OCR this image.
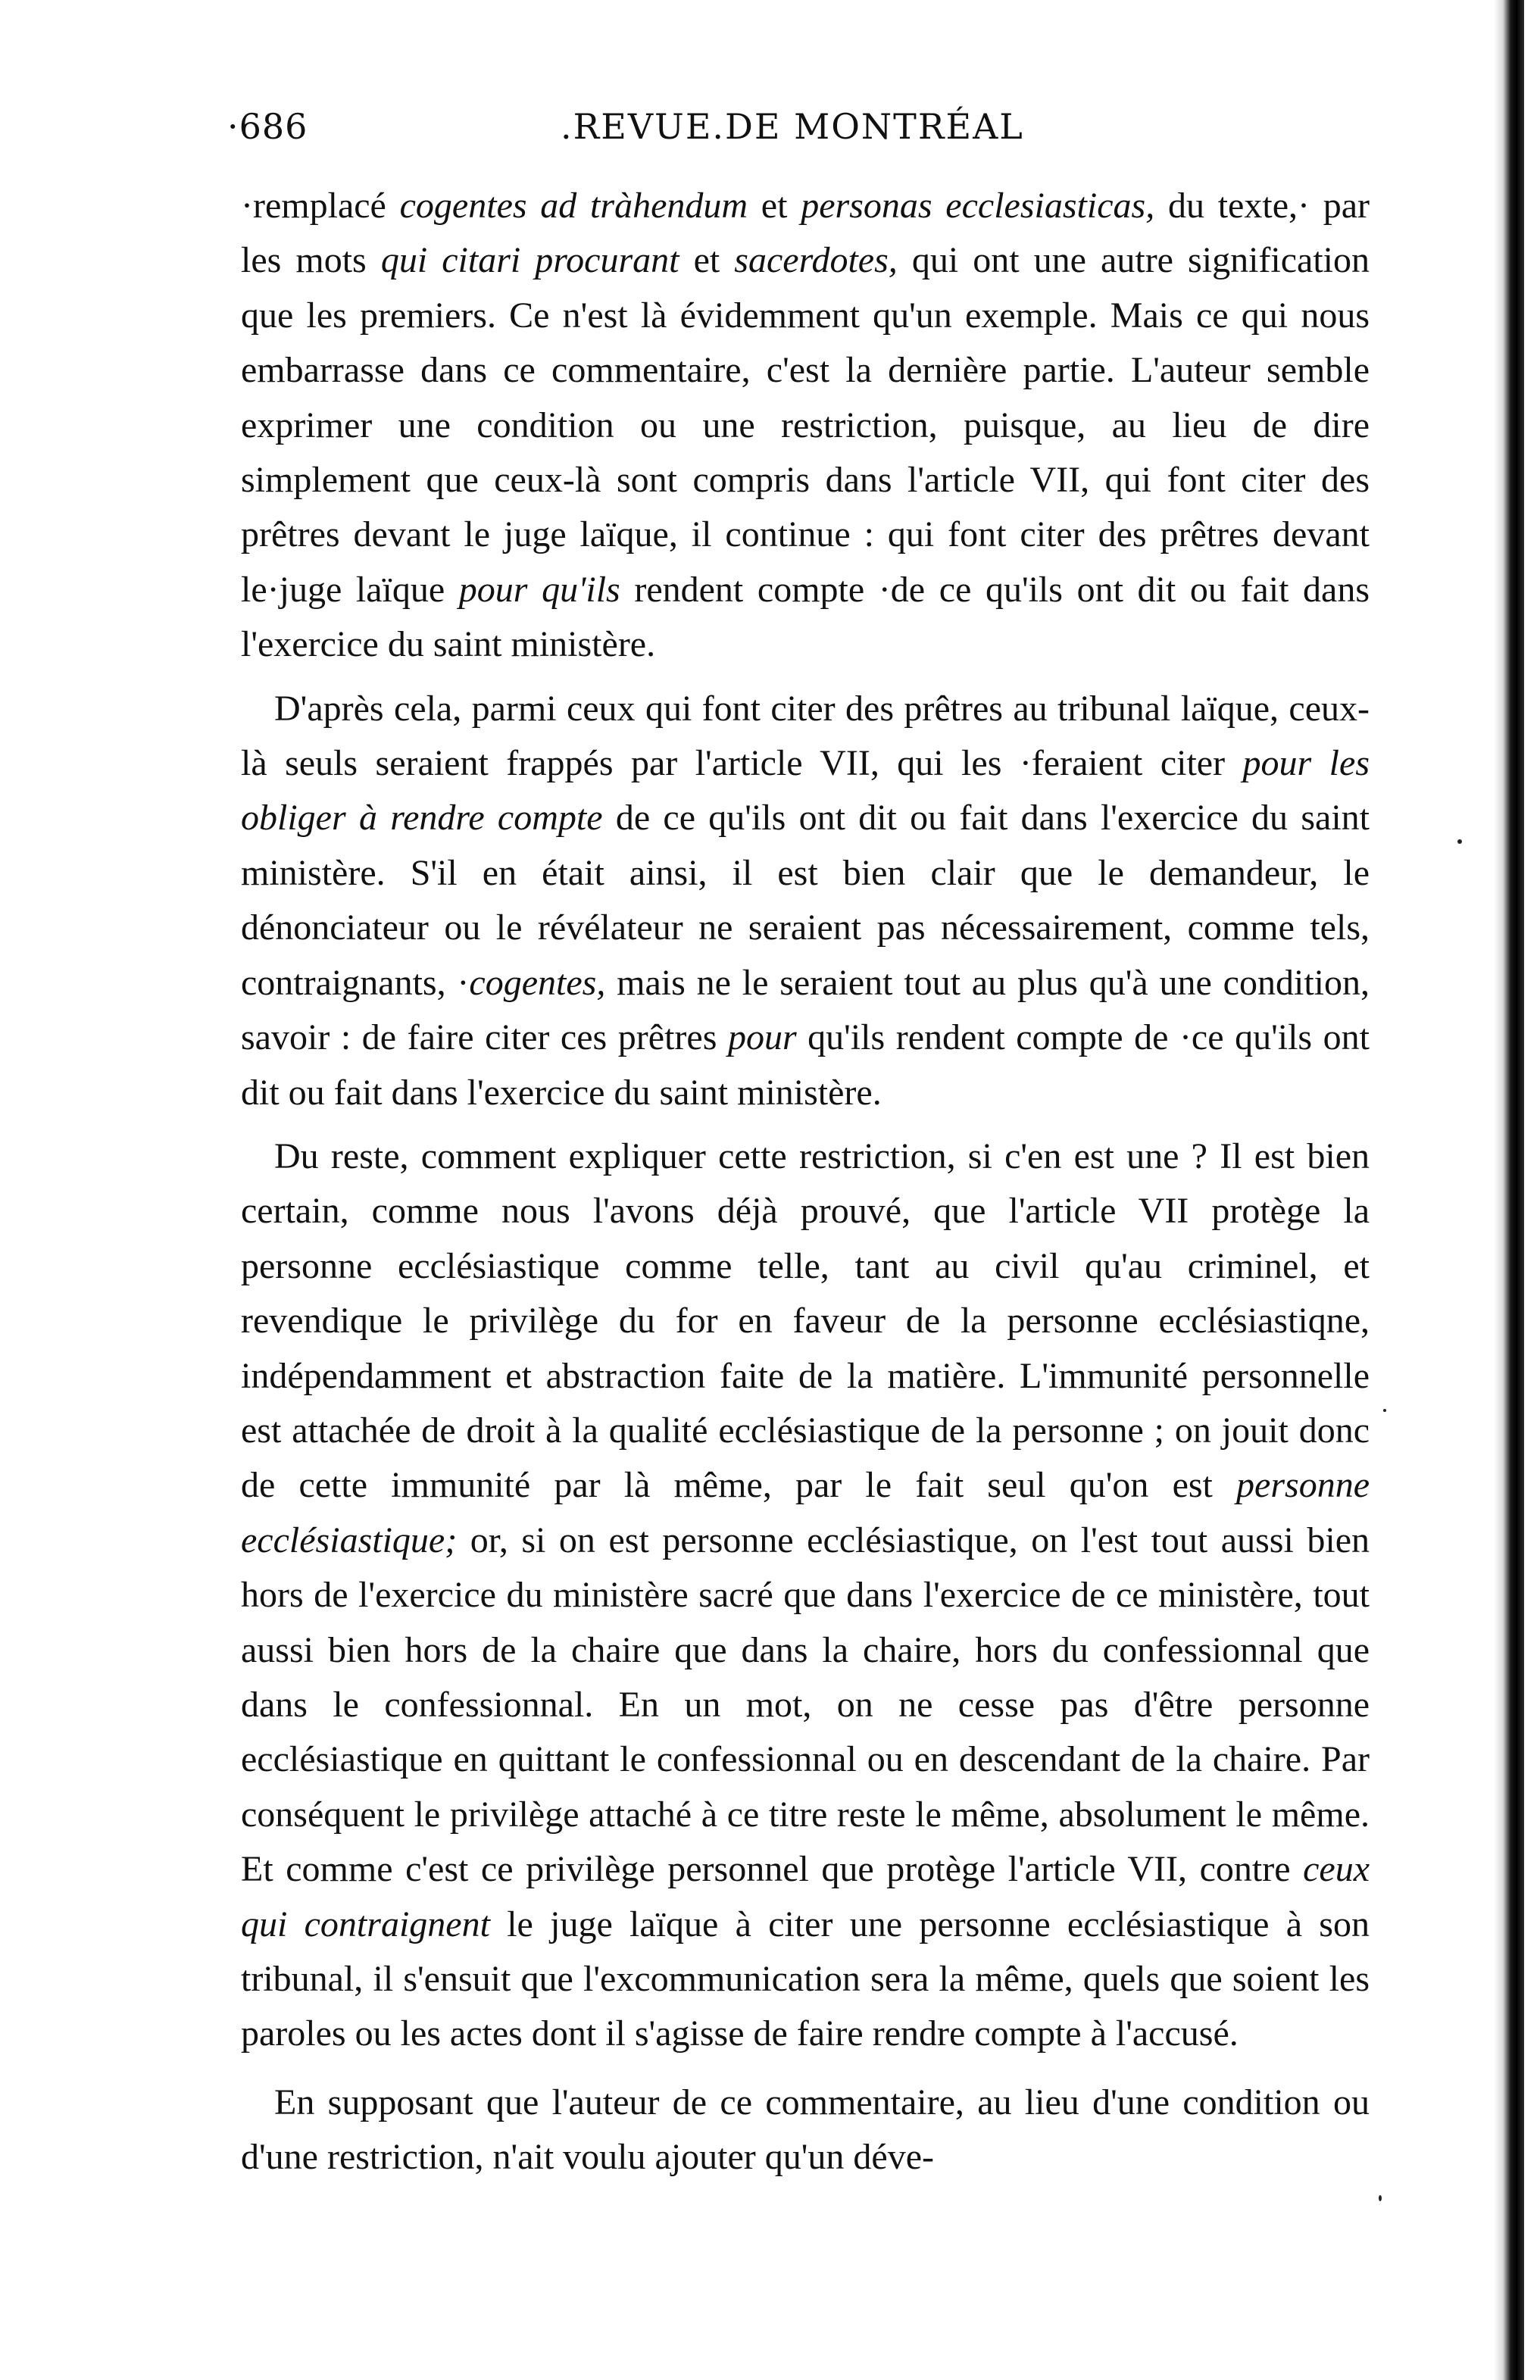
·686	.REVUE.DE MONTRÉAL

·remplacé cogentes ad tràhendum et personas ecclesiasticas, du texte,· par les mots qui citari procurant et sacerdotes, qui ont une autre signification que les premiers. Ce n'est là évidemment qu'un exemple. Mais ce qui nous embarrasse dans ce commentaire, c'est la dernière partie. L'auteur semble exprimer une condition ou une restriction, puisque, au lieu de dire simplement que ceux-là sont compris dans l'article VII, qui font citer des prêtres devant le juge laïque, il continue : qui font citer des prêtres devant le·juge laïque pour qu'ils rendent compte ·de ce qu'ils ont dit ou fait dans l'exercice du saint ministère.

D'après cela, parmi ceux qui font citer des prêtres au tribunal laïque, ceux-là seuls seraient frappés par l'article VII, qui les ·feraient citer pour les obliger à rendre compte de ce qu'ils ont dit ou fait dans l'exercice du saint ministère. S'il en était ainsi, il est bien clair que le demandeur, le dénonciateur ou le révélateur ne seraient pas nécessairement, comme tels, contraignants, ·cogentes, mais ne le seraient tout au plus qu'à une condition, savoir : de faire citer ces prêtres pour qu'ils rendent compte de ·ce qu'ils ont dit ou fait dans l'exercice du saint ministère.

Du reste, comment expliquer cette restriction, si c'en est une ? Il est bien certain, comme nous l'avons déjà prouvé, que l'article VII protège la personne ecclésiastique comme telle, tant au civil qu'au criminel, et revendique le privilège du for en faveur de la personne ecclésiastiqne, indépendamment et abstraction faite de la matière. L'immunité personnelle est attachée de droit à la qualité ecclésiastique de la personne ; on jouit donc de cette immunité par là même, par le fait seul qu'on est personne ecclésiastique; or, si on est personne ecclésiastique, on l'est tout aussi bien hors de l'exercice du ministère sacré que dans l'exercice de ce ministère, tout aussi bien hors de la chaire que dans la chaire, hors du confessionnal que dans le confessionnal. En un mot, on ne cesse pas d'être personne ecclésiastique en quittant le confessionnal ou en descendant de la chaire. Par conséquent le privilège attaché à ce titre reste le même, absolument le même. Et comme c'est ce privilège personnel que protège l'article VII, contre ceux qui contraignent le juge laïque à citer une personne ecclésiastique à son tribunal, il s'ensuit que l'excommunication sera la même, quels que soient les paroles ou les actes dont il s'agisse de faire rendre compte à l'accusé.

En supposant que l'auteur de ce commentaire, au lieu d'une condition ou d'une restriction, n'ait voulu ajouter qu'un déve-
